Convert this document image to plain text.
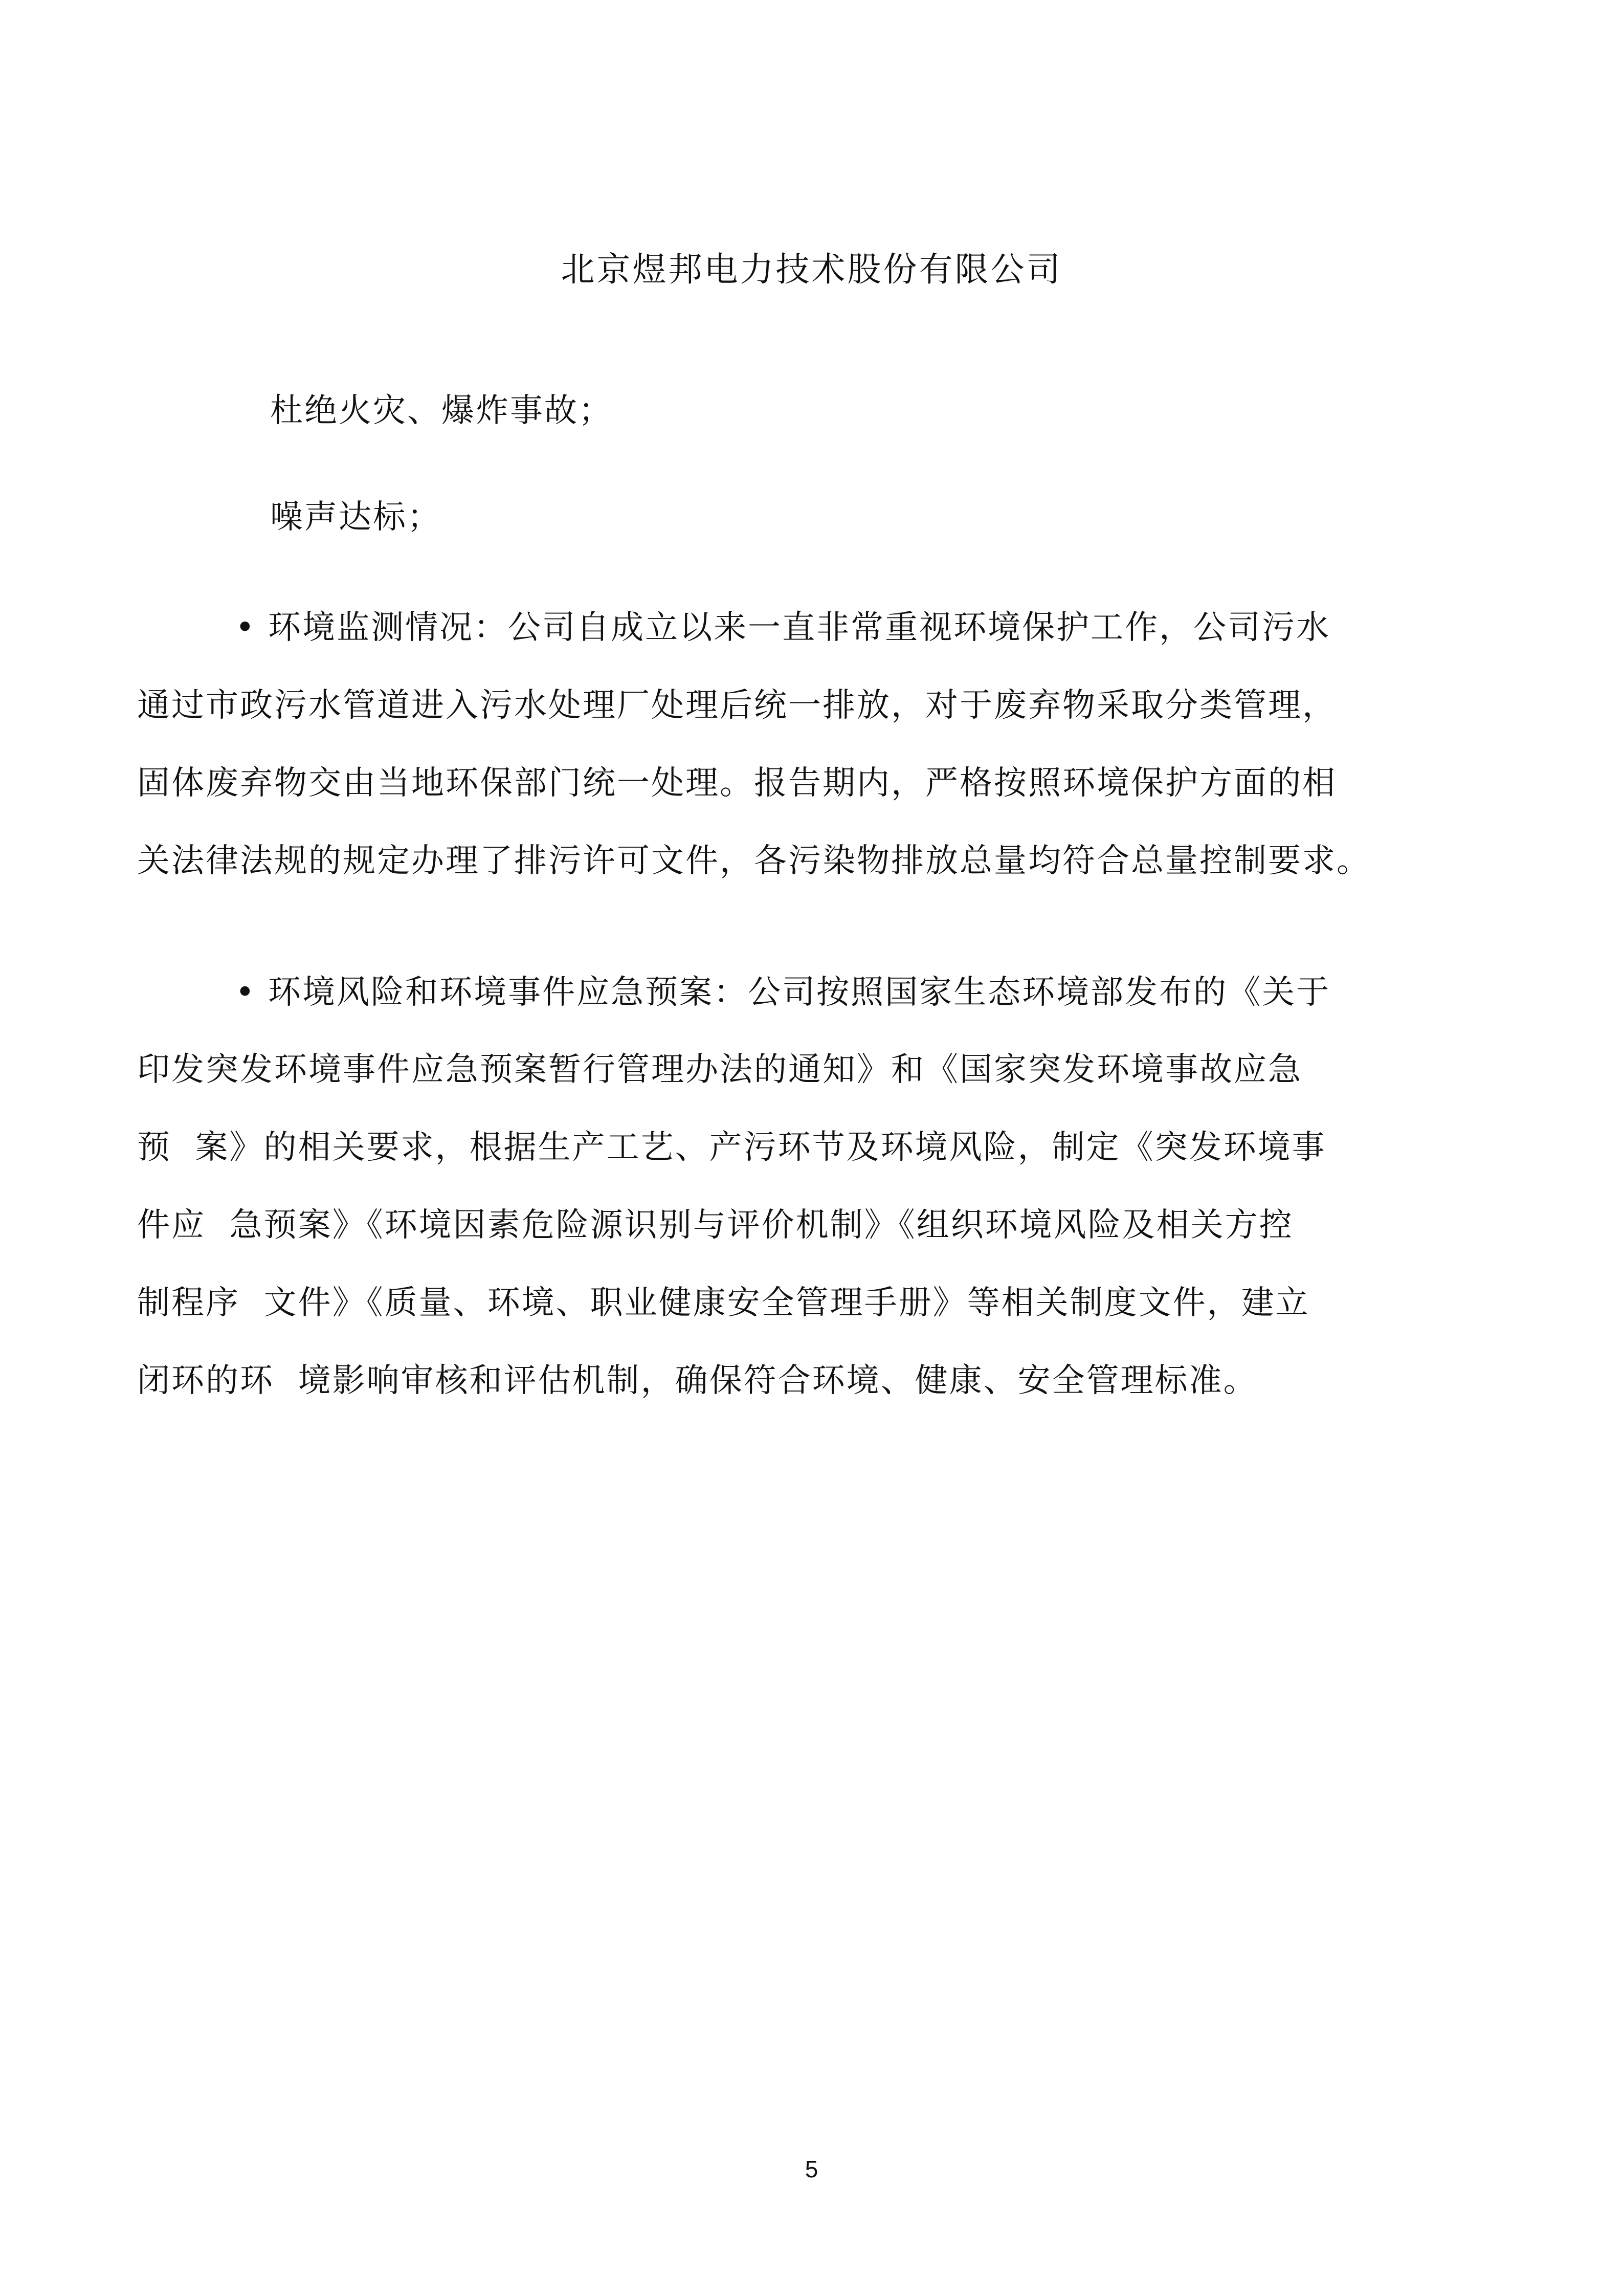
北京煜邦电力技术股份有限公司
杜绝火灾、爆炸事故；
噪声达标；
• 环境监测情况：公司自成立以来一直非常重视环境保护工作，公司污水
通过市政污水管道进入污水处理厂处理后统一排放，对于废弃物采取分类管理，
固体废弃物交由当地环保部门统一处理。报告期内，严格按照环境保护方面的相
关法律法规的规定办理了排污许可文件，各污染物排放总量均符合总量控制要求。
• 环境风险和环境事件应急预案：公司按照国家生态环境部发布的《关于
印发突发环境事件应急预案暂行管理办法的通知》和《国家突发环境事故应急
预  案》的相关要求，根据生产工艺、产污环节及环境风险，制定《突发环境事
件应  急预案》《环境因素危险源识别与评价机制》《组织环境风险及相关方控
制程序  文件》《质量、环境、职业健康安全管理手册》等相关制度文件，建立
闭环的环  境影响审核和评估机制，确保符合环境、健康、安全管理标准。
5
